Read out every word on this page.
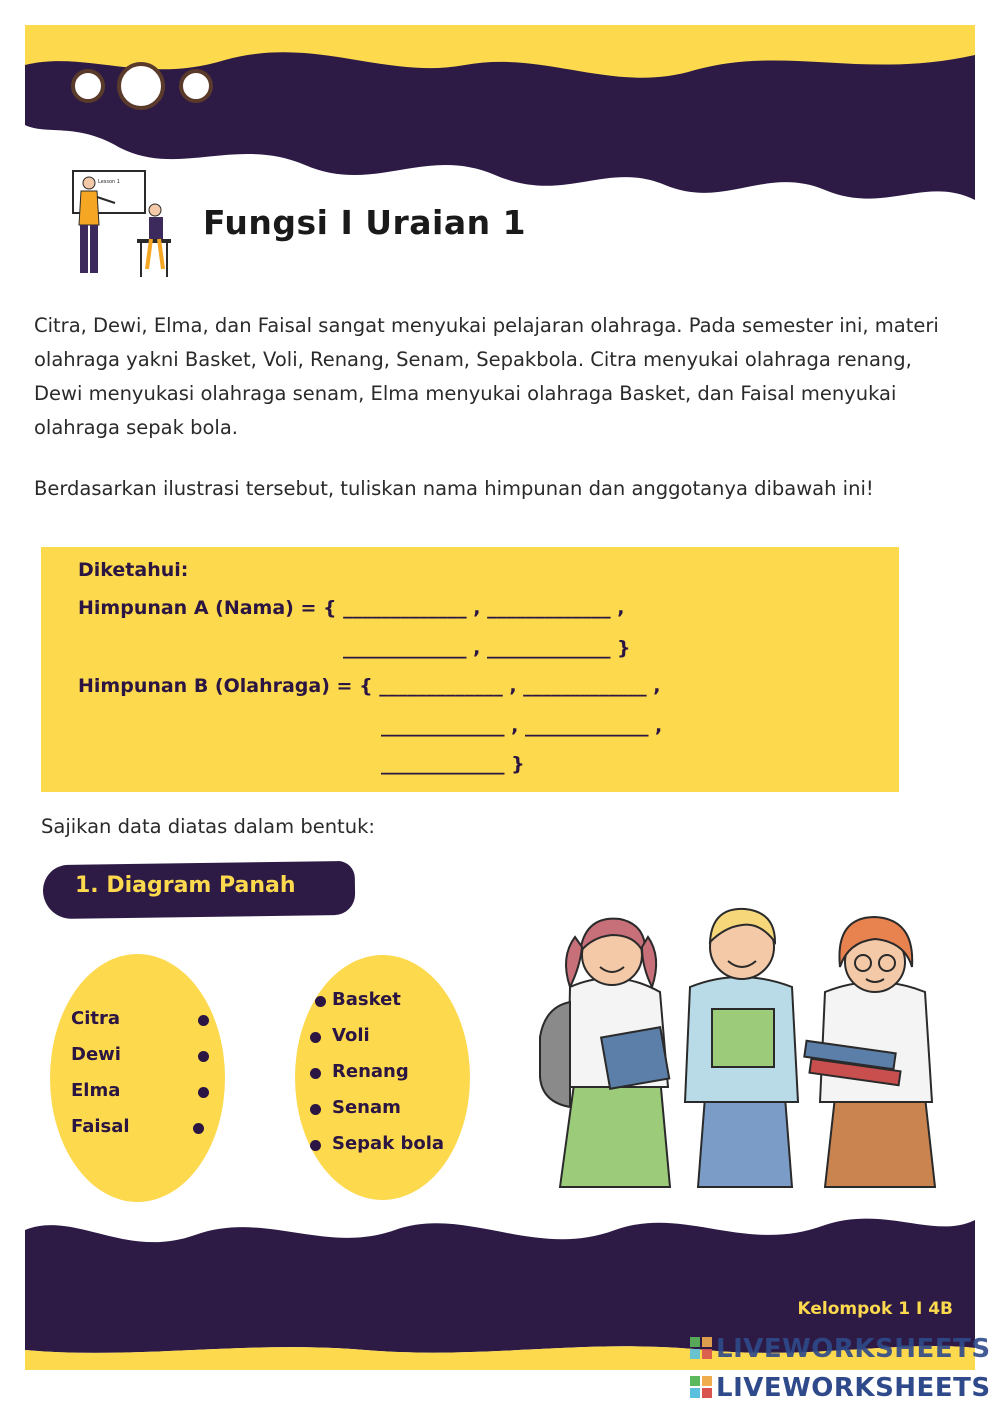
Lesson 1
Fungsi I Uraian 1

Citra, Dewi, Elma, dan Faisal sangat menyukai pelajaran olahraga. Pada semester ini, materi olahraga yakni Basket, Voli, Renang, Senam, Sepakbola. Citra menyukai olahraga renang, Dewi menyukasi olahraga senam, Elma menyukai olahraga Basket, dan Faisal menyukai olahraga sepak bola.

Berdasarkan ilustrasi tersebut, tuliskan nama himpunan dan anggotanya dibawah ini!

Diketahui:
Himpunan A (Nama) = { _____________ , _____________ ,
_____________ , _____________ }
Himpunan B (Olahraga) = { _____________ , _____________ ,
_____________ , _____________ ,
_____________ }

Sajikan data diatas dalam bentuk:

1. Diagram Panah
Citra
Dewi
Elma
Faisal
Basket
Voli
Renang
Senam
Sepak bola
Kelompok 1 I 4B
LIVEWORKSHEETS
LIVEWORKSHEETS
